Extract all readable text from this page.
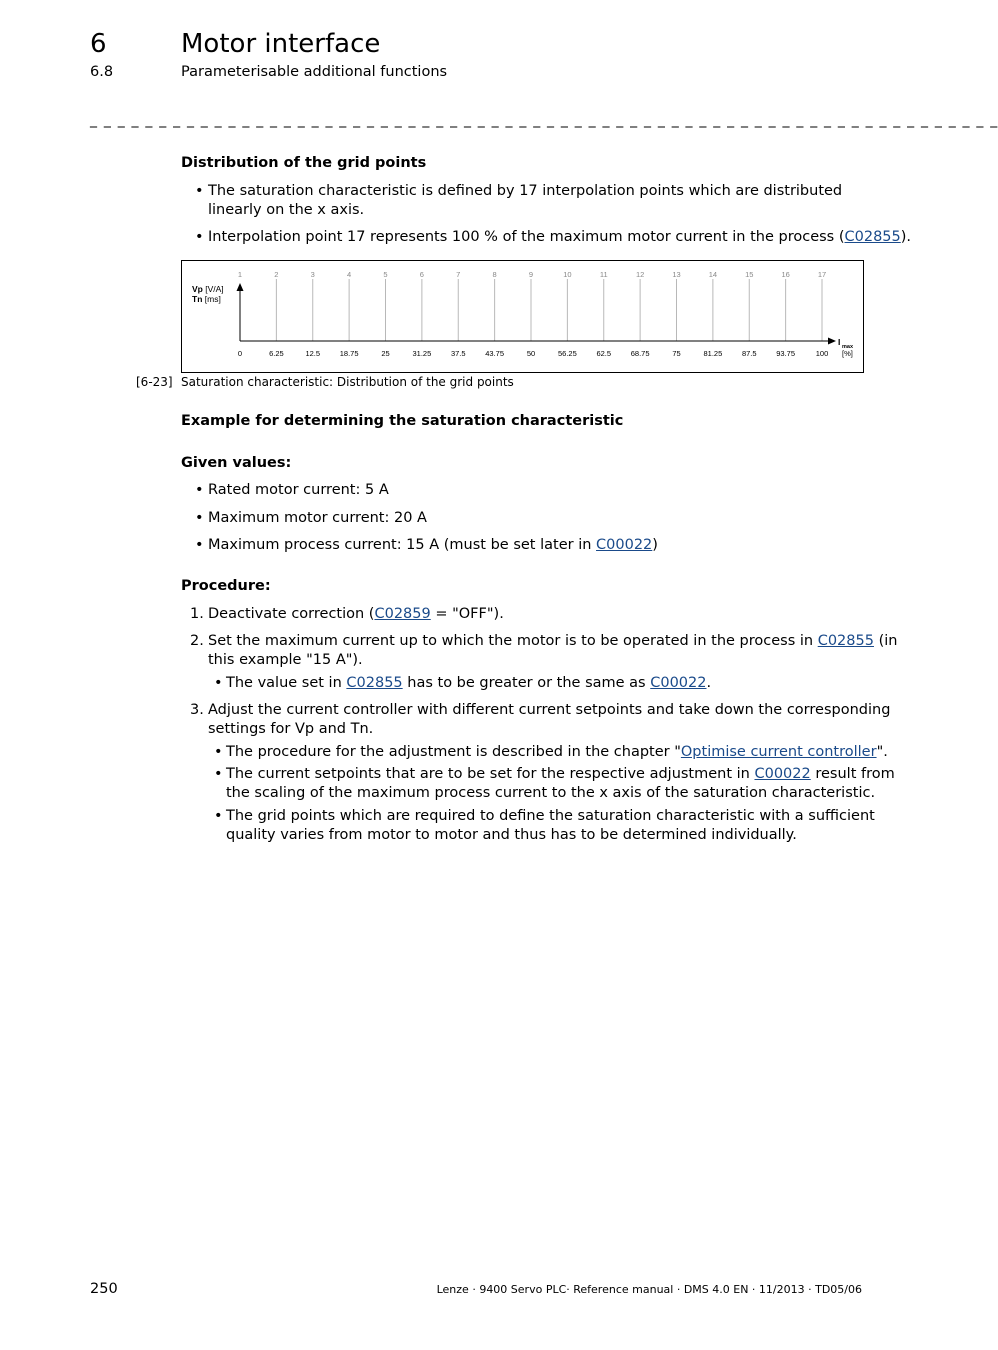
6	Motor interface
6.8	Parameterisable additional functions
_ _ _ _ _ _ _ _ _ _ _ _ _ _ _ _ _ _ _ _ _ _ _ _ _ _ _ _ _ _ _ _ _ _ _ _ _ _ _ _ _ _ _ _ _ _ _ _ _ _ _ _ _ _ _ _ _ _ _ _ _ _ _ _ _ _
Distribution of the grid points
• The saturation characteristic is defined by 17 interpolation points which are distributed linearly on the x axis.
• Interpolation point 17 represents 100 % of the maximum motor current in the process (C02855).
1	2	3	4	5	6	7	8	9	10	11	12	13	14	15	16	17
0	6.25	12.5	18.75	25	31.25	37.5	43.75	50	56.25	62.5	68.75	75	81.25	87.5	93.75	100
Vp [V/A]
Tn [ms]
I max
[%]
[6-23] Saturation characteristic: Distribution of the grid points
Example for determining the saturation characteristic
Given values:
• Rated motor current: 5 A
• Maximum motor current: 20 A
• Maximum process current: 15 A (must be set later in C00022)
Procedure:
1. Deactivate correction (C02859 = "OFF").
2. Set the maximum current up to which the motor is to be operated in the process in C02855 (in
this example "15 A").
• The value set in C02855 has to be greater or the same as C00022.
3. Adjust the current controller with different current setpoints and take down the corresponding
settings for Vp and Tn.
• The procedure for the adjustment is described in the chapter "Optimise current controller".
• The current setpoints that are to be set for the respective adjustment in C00022 result from
the scaling of the maximum process current to the x axis of the saturation characteristic.
• The grid points which are required to define the saturation characteristic with a sufficient
quality varies from motor to motor and thus has to be determined individually.
250	Lenze · 9400 Servo PLC· Reference manual · DMS 4.0 EN · 11/2013 · TD05/06
